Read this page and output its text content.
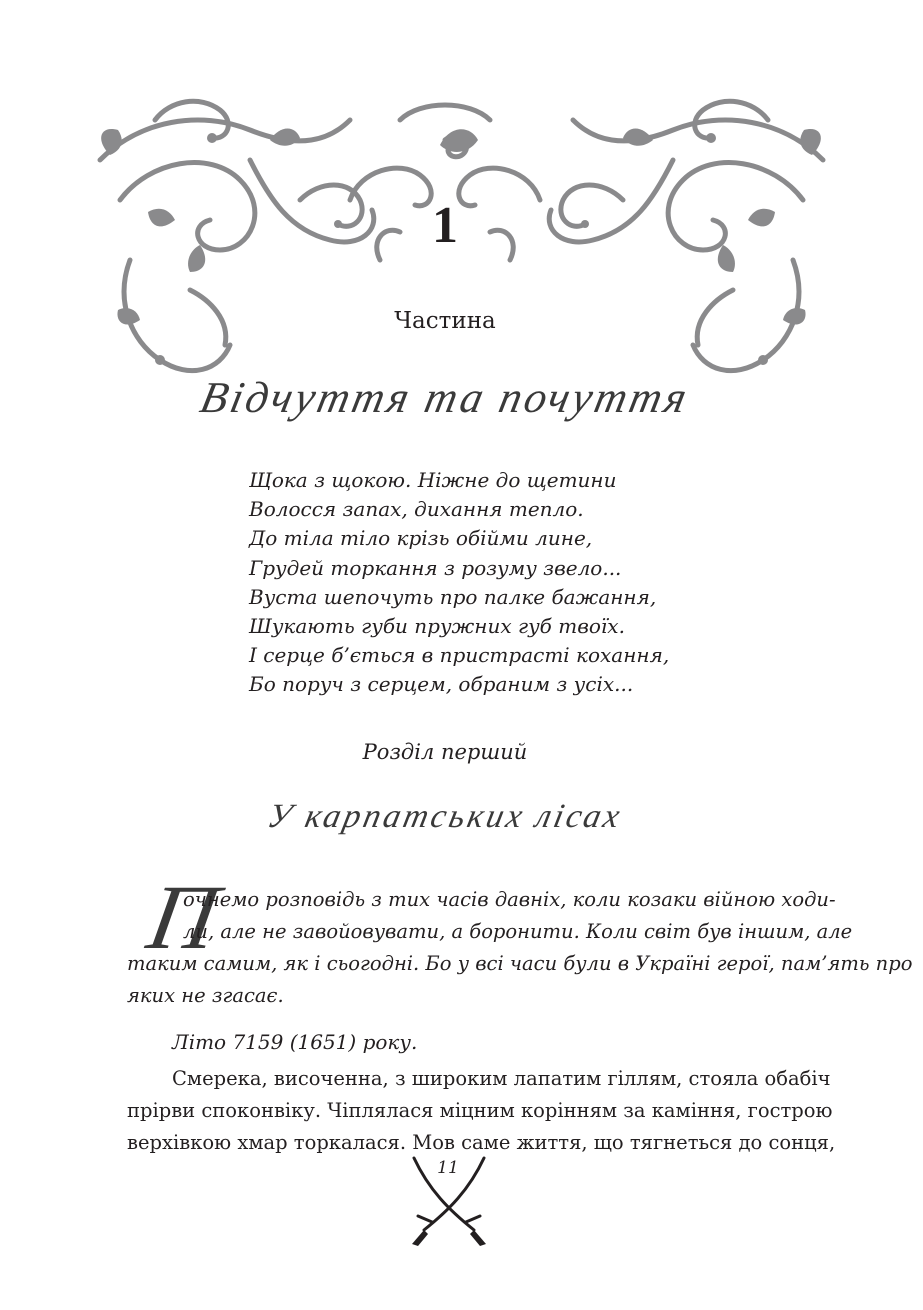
1
Частина
Відчуття та почуття
Щока з щокою. Ніжне до щетини
Волосся запах, дихання тепло.
До тіла тіло крізь обійми лине,
Грудей торкання з розуму звело...
Вуста шепочуть про палке бажання,
Шукають губи пружних губ твоїх.
І серце б’ється в пристрасті кохання,
Бо поруч з серцем, обраним з усіх...
Розділ перший
У карпатських лісах
П
очнемо розповідь з тих часів давніх, коли козаки війною ходи-
ли, але не завойовувати, а боронити. Коли світ був іншим, але
таким самим, як і сьогодні. Бо у всі часи були в Україні герої, пам’ять про
яких не згасає.
Літо 7159 (1651) року.
Смерека, височенна, з широким лапатим гіллям, стояла обабіч
прірви споконвіку. Чіплялася міцним корінням за каміння, гострою
верхівкою хмар торкалася. Мов саме життя, що тягнеться до сонця,
11
